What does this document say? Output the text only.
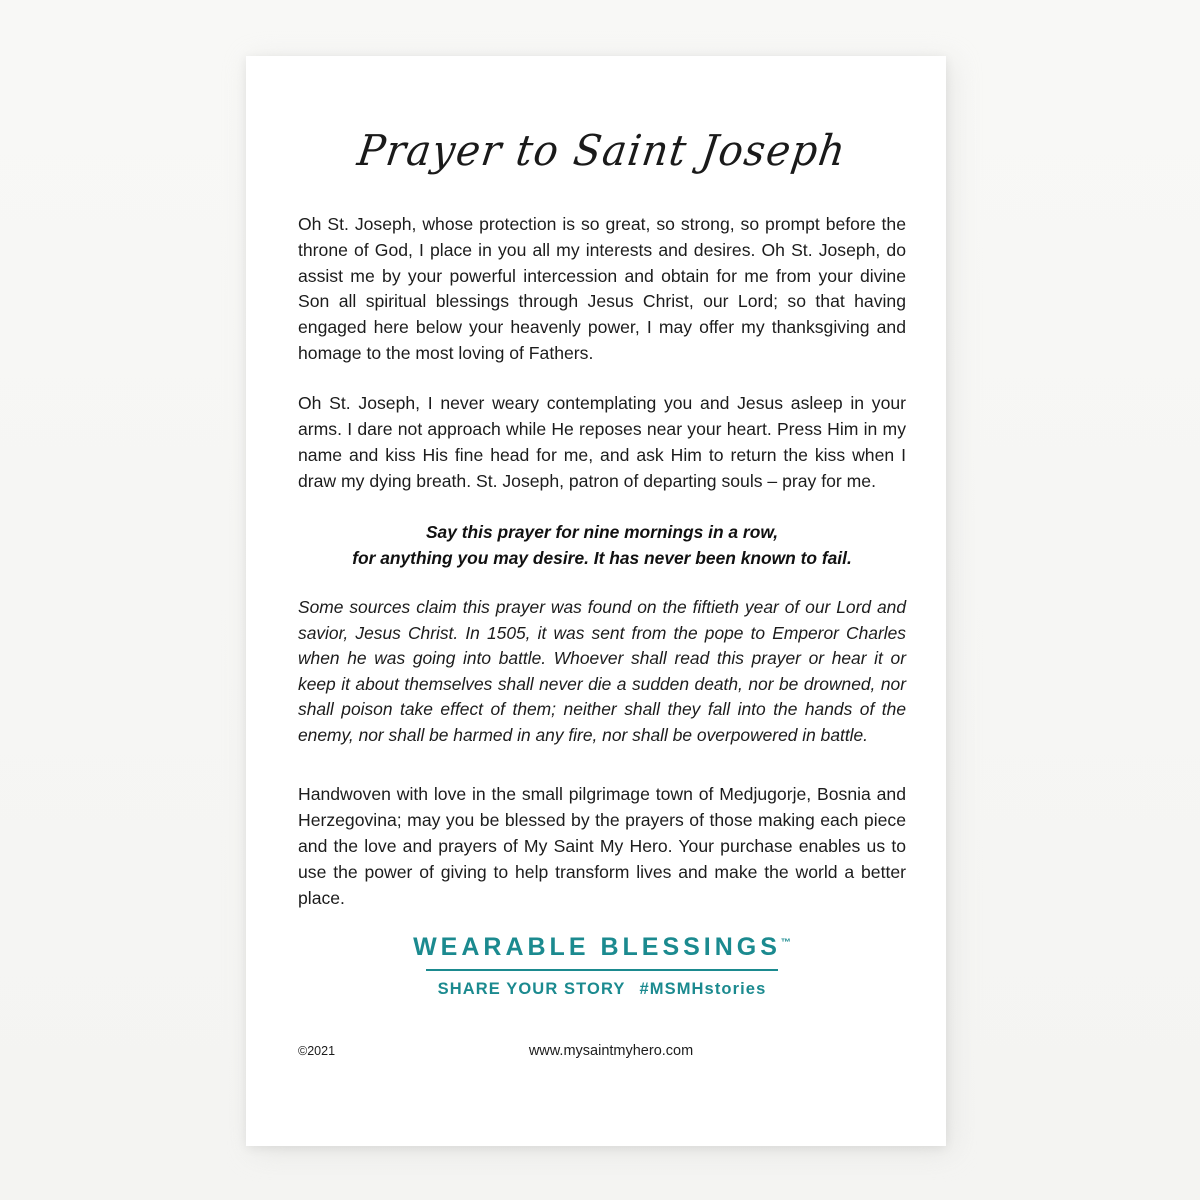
Prayer to Saint Joseph

Oh St. Joseph, whose protection is so great, so strong, so prompt before the throne of God, I place in you all my interests and desires. Oh St. Joseph, do assist me by your powerful intercession and obtain for me from your divine Son all spiritual blessings through Jesus Christ, our Lord; so that having engaged here below your heavenly power, I may offer my thanksgiving and homage to the most loving of Fathers.

Oh St. Joseph, I never weary contemplating you and Jesus asleep in your arms. I dare not approach while He reposes near your heart. Press Him in my name and kiss His fine head for me, and ask Him to return the kiss when I draw my dying breath. St. Joseph, patron of departing souls – pray for me.

Say this prayer for nine mornings in a row,
for anything you may desire. It has never been known to fail.

Some sources claim this prayer was found on the fiftieth year of our Lord and savior, Jesus Christ. In 1505, it was sent from the pope to Emperor Charles when he was going into battle. Whoever shall read this prayer or hear it or keep it about themselves shall never die a sudden death, nor be drowned, nor shall poison take effect of them; neither shall they fall into the hands of the enemy, nor shall be harmed in any fire, nor shall be overpowered in battle.

Handwoven with love in the small pilgrimage town of Medjugorje, Bosnia and Herzegovina; may you be blessed by the prayers of those making each piece and the love and prayers of My Saint My Hero. Your purchase enables us to use the power of giving to help transform lives and make the world a better place.

WEARABLE BLESSINGS™
SHARE YOUR STORY #MSMHstories
©2021	www.mysaintmyhero.com
